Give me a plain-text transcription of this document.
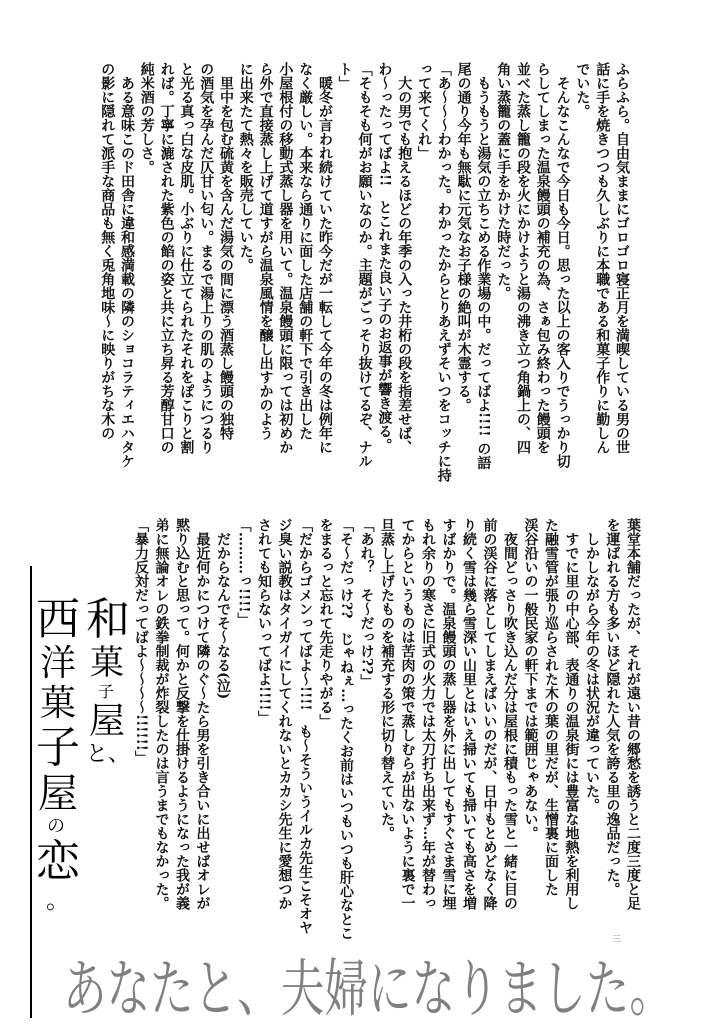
ふらふら。自由気ままにゴロゴロ寝正月を満喫している男の世
話に手を焼きつつも久しぶりに本職である和菓子作りに勤しん
でいた。
　そんなこんなで今日も今日。思った以上の客入りでうっかり切
らしてしまった温泉饅頭の補充の為、さぁ包み終わった饅頭を
並べた蒸し籠の段を火にかけようと湯の沸き立つ角鍋上の、四
角い蒸籠の蓋に手をかけた時だった。
　もうもうと湯気の立ちこめる作業場の中。だってばよ!!!! の語
尾の通り今年も無駄に元気なお子様の絶叫が木霊する。
「あ～～～わかった。わかったからとりあえずそいつをコッチに持
って来てくれ」
　大の男でも抱えるほどの年季の入った井桁の段を指差せば、
わ～ったってばよ!!　とこれまた良い子のお返事が響き渡る。
「そもそも何がお願いなのか。主題がごっそり抜けてるぞ、ナル
ト」
　暖冬が言われ続けていた昨今だが一転して今年の冬は例年に
なく厳しい。本来なら通りに面した店舗の軒下で引き出した
小屋根付の移動式蒸し器を用いて。温泉饅頭に限っては初めか
ら外で直接蒸し上げて道すがら温泉風情を醸し出すかのよう
に出来たて熱々を販売していた。
　里中を包む硫黄を含んだ湯気の間に漂う酒蒸し饅頭の独特
の酒気を孕んだ仄甘い匂い。まるで湯上りの肌のようにつるり
と光る真っ白な皮肌。小ぶりに仕立てられたそれをぽこりと割
れば。丁寧に漉された紫色の餡の姿と共に立ち昇る芳醇甘口の
純米酒の芳しさ。
　ある意味このド田舎に違和感満載の隣のショコラティエハタケ
の影に隠れて派手な商品も無く兎角地味～に映りがちな木の
葉堂本舗だったが、それが遠い昔の郷愁を誘うと二度三度と足
を運ばれる方も多いほど隠れた人気を誇る里の逸品だった。
　しかしながら今年の冬は状況が違っていた。
　すでに里の中心部、表通りの温泉街には豊富な地熱を利用し
た融雪管が張り巡らされた木の葉の里だが、生憎裏に面した
渓谷沿いの一般民家の軒下までは範囲じゃあない。
　夜間どっさり吹き込んだ分は屋根に積もった雪と一緒に目の
前の渓谷に落としてしまえばいいのだが、日中もとめどなく降
り続く雪は幾ら雪深い山里とはいえ掃いても掃いても高さを増
すばかりで。温泉饅頭の蒸し器を外に出してもすぐさま雪に埋
もれ余りの寒さに旧式の火力では太刀打ち出来ず…年が替わっ
てからというものは苦肉の策で蒸しむらが出ないように裏で一
旦蒸し上げたものを補充する形に切り替えていた。
「あれ？　そ～だっけ??」
「そ～だっけ??　じゃねぇ…ったくお前はいつもいつも肝心なとこ
をまるっと忘れて先走りやがる」
「だからゴメンってばよ～!!!!　も～そういうイルカ先生こそオヤ
ジ臭い説教はタイガイにしてくれないとカカシ先生に愛想つか
されても知らないってばよ!!!!」
「………っ!!!!」
　だからなんでそ～なる(泣)
　最近何かにつけて隣のぐ～たら男を引き合いに出せばオレが
黙り込むと思って。何かと反撃を仕掛けるようになった我が義
弟に無論オレの鉄拳制裁が炸裂したのは言うまでもなかった。
「暴力反対だってばよ～～～～!!!!!!」
和
菓
子
屋
と、
西
洋
菓
子
屋
の
恋
。
あなたと、夫婦になりました。
三
